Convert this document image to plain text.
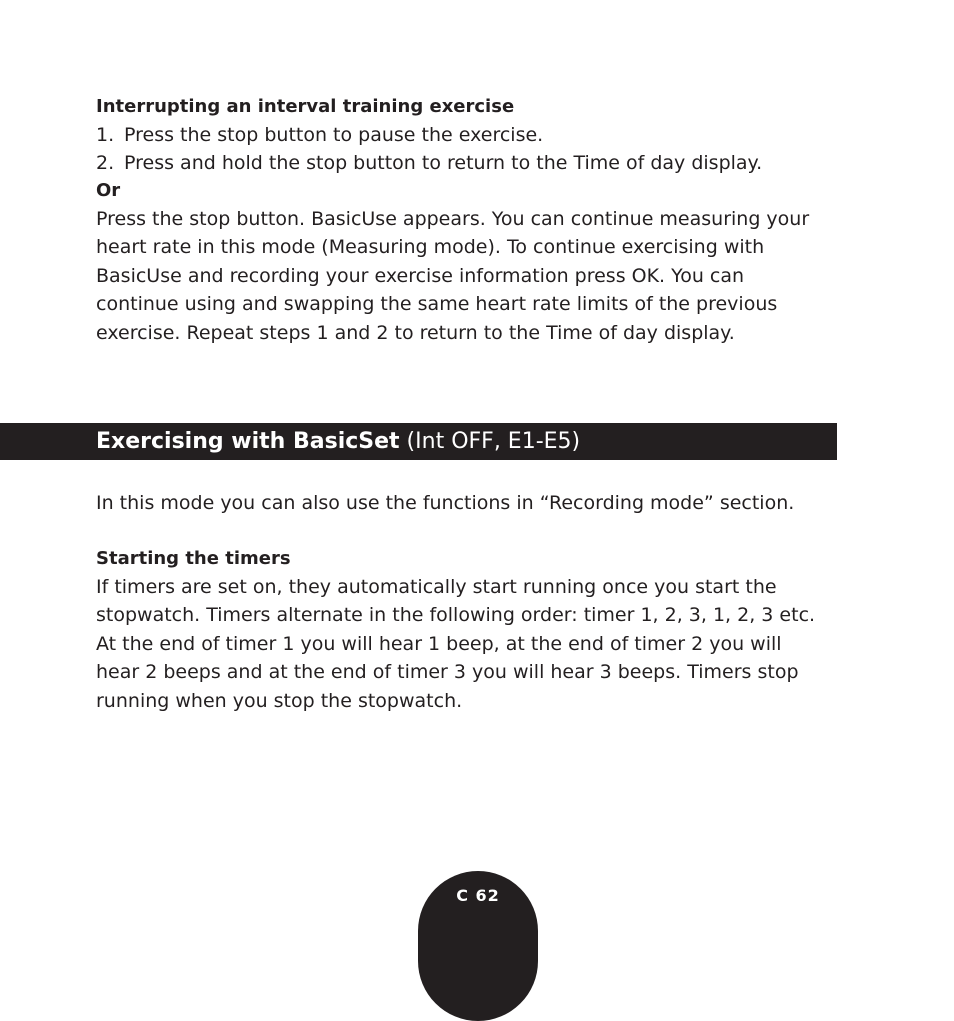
Interrupting an interval training exercise

1. Press the stop button to pause the exercise.

2. Press and hold the stop button to return to the Time of day display.

Or

Press the stop button. BasicUse appears. You can continue measuring your

heart rate in this mode (Measuring mode). To continue exercising with

BasicUse and recording your exercise information press OK. You can

continue using and swapping the same heart rate limits of the previous

exercise. Repeat steps 1 and 2 to return to the Time of day display.

Exercising with BasicSet (Int OFF, E1-E5)

In this mode you can also use the functions in “Recording mode” section.

Starting the timers

If timers are set on, they automatically start running once you start the

stopwatch. Timers alternate in the following order: timer 1, 2, 3, 1, 2, 3 etc.

At the end of timer 1 you will hear 1 beep, at the end of timer 2 you will

hear 2 beeps and at the end of timer 3 you will hear 3 beeps. Timers stop

running when you stop the stopwatch.

C 62
